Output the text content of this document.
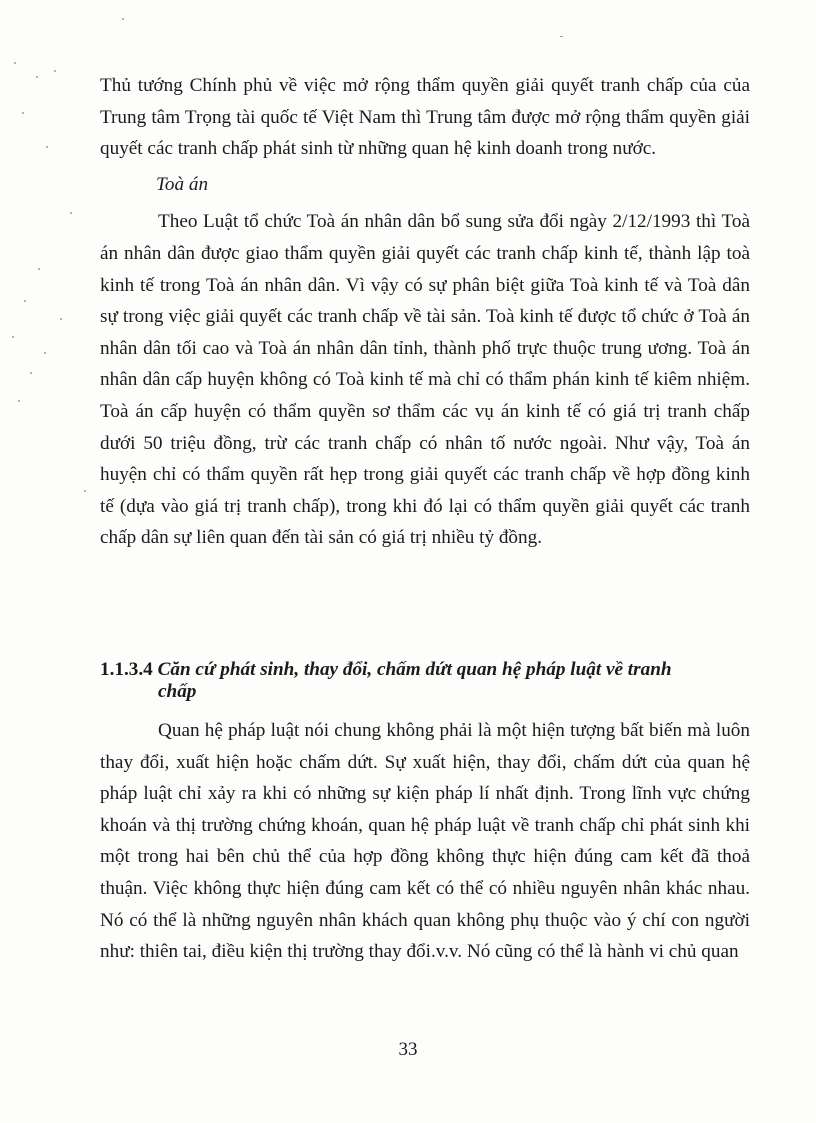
Thủ tướng Chính phủ về việc mở rộng thẩm quyền giải quyết tranh chấp của của Trung tâm Trọng tài quốc tế Việt Nam thì Trung tâm được mở rộng thẩm quyền giải quyết các tranh chấp phát sinh từ những quan hệ kinh doanh trong nước.

Toà án

Theo Luật tổ chức Toà án nhân dân bổ sung sửa đổi ngày 2/12/1993 thì Toà án nhân dân được giao thẩm quyền giải quyết các tranh chấp kinh tế, thành lập toà kinh tế trong Toà án nhân dân. Vì vậy có sự phân biệt giữa Toà kinh tế và Toà dân sự trong việc giải quyết các tranh chấp về tài sản. Toà kinh tế được tổ chức ở Toà án nhân dân tối cao và Toà án nhân dân tỉnh, thành phố trực thuộc trung ương. Toà án nhân dân cấp huyện không có Toà kinh tế mà chỉ có thẩm phán kinh tế kiêm nhiệm. Toà án cấp huyện có thẩm quyền sơ thẩm các vụ án kinh tế có giá trị tranh chấp dưới 50 triệu đồng, trừ các tranh chấp có nhân tố nước ngoài. Như vậy, Toà án huyện chỉ có thẩm quyền rất hẹp trong giải quyết các tranh chấp về hợp đồng kinh tế (dựa vào giá trị tranh chấp), trong khi đó lại có thẩm quyền giải quyết các tranh chấp dân sự liên quan đến tài sản có giá trị nhiều tỷ đồng.

1.1.3.4 Căn cứ phát sinh, thay đổi, chấm dứt quan hệ pháp luật về tranh
chấp

Quan hệ pháp luật nói chung không phải là một hiện tượng bất biến mà luôn thay đổi, xuất hiện hoặc chấm dứt. Sự xuất hiện, thay đổi, chấm dứt của quan hệ pháp luật chỉ xảy ra khi có những sự kiện pháp lí nhất định. Trong lĩnh vực chứng khoán và thị trường chứng khoán, quan hệ pháp luật về tranh chấp chỉ phát sinh khi một trong hai bên chủ thể của hợp đồng không thực hiện đúng cam kết đã thoả thuận. Việc không thực hiện đúng cam kết có thể có nhiều nguyên nhân khác nhau. Nó có thể là những nguyên nhân khách quan không phụ thuộc vào ý chí con người như: thiên tai, điều kiện thị trường thay đổi.v.v. Nó cũng có thể là hành vi chủ quan

33
